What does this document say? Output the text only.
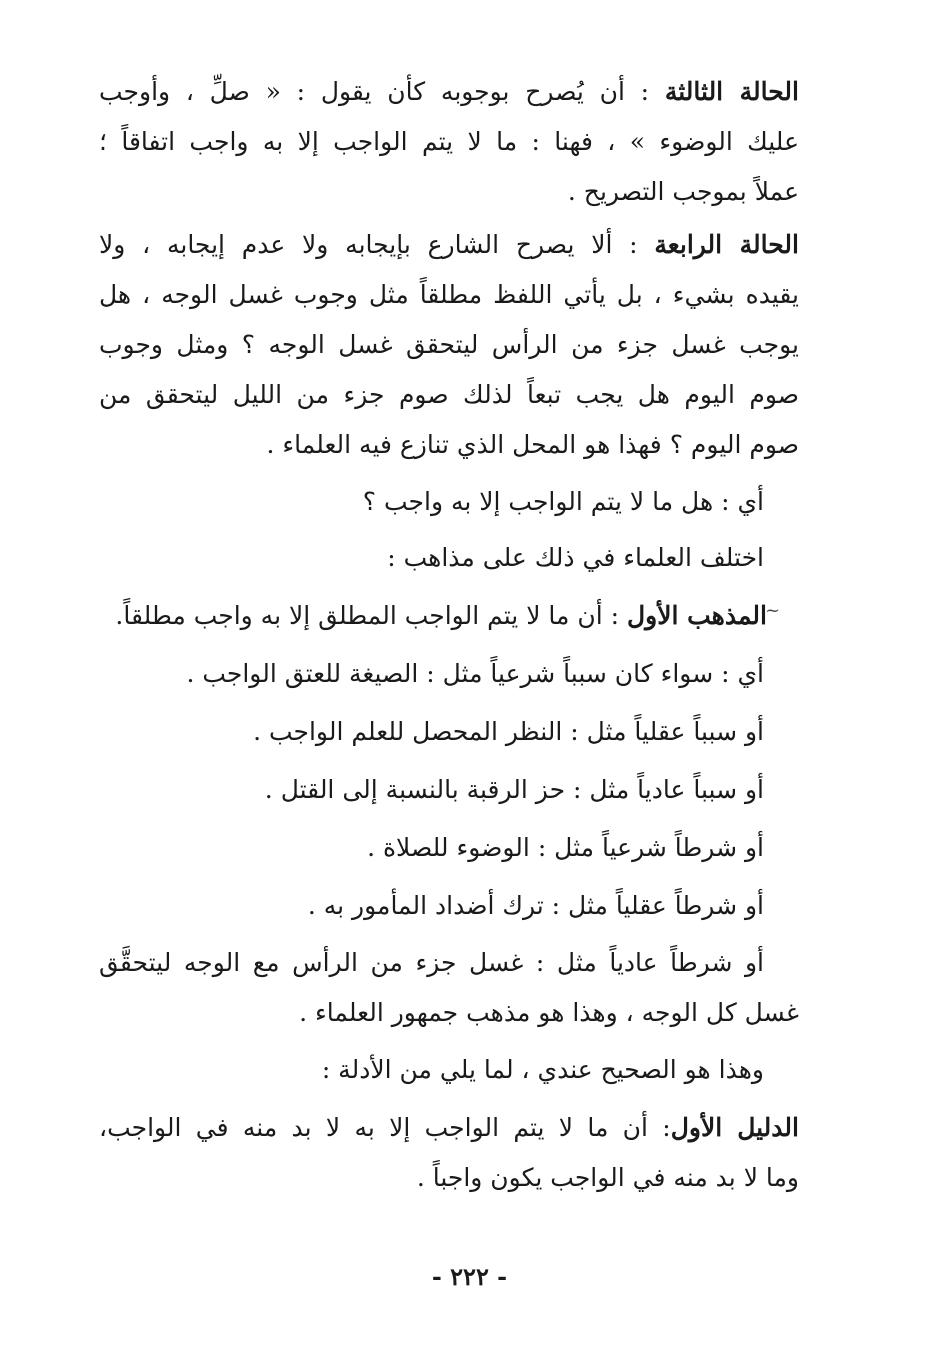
الحالة الثالثة : أن يُصرح بوجوبه كأن يقول : « صلِّ ، وأوجب
عليك الوضوء » ، فهنا : ما لا يتم الواجب إلا به واجب اتفاقاً ؛
عملاً بموجب التصريح .
الحالة الرابعة : ألا يصرح الشارع بإيجابه ولا عدم إيجابه ، ولا
يقيده بشيء ، بل يأتي اللفظ مطلقاً مثل وجوب غسل الوجه ، هل
يوجب غسل جزء من الرأس ليتحقق غسل الوجه ؟ ومثل وجوب
صوم اليوم هل يجب تبعاً لذلك صوم جزء من الليل ليتحقق من
صوم اليوم ؟ فهذا هو المحل الذي تنازع فيه العلماء .
أي : هل ما لا يتم الواجب إلا به واجب ؟
اختلف العلماء في ذلك على مذاهب :
~
المذهب الأول : أن ما لا يتم الواجب المطلق إلا به واجب مطلقاً.
أي : سواء كان سبباً شرعياً مثل : الصيغة للعتق الواجب .
أو سبباً عقلياً مثل : النظر المحصل للعلم الواجب .
أو سبباً عادياً مثل : حز الرقبة بالنسبة إلى القتل .
أو شرطاً شرعياً مثل : الوضوء للصلاة .
أو شرطاً عقلياً مثل : ترك أضداد المأمور به .
أو شرطاً عادياً مثل : غسل جزء من الرأس مع الوجه ليتحقَّق
غسل كل الوجه ، وهذا هو مذهب جمهور العلماء .
وهذا هو الصحيح عندي ، لما يلي من الأدلة :
الدليل الأول: أن ما لا يتم الواجب إلا به لا بد منه في الواجب،
وما لا بد منه في الواجب يكون واجباً .
- ٢٢٢ -
